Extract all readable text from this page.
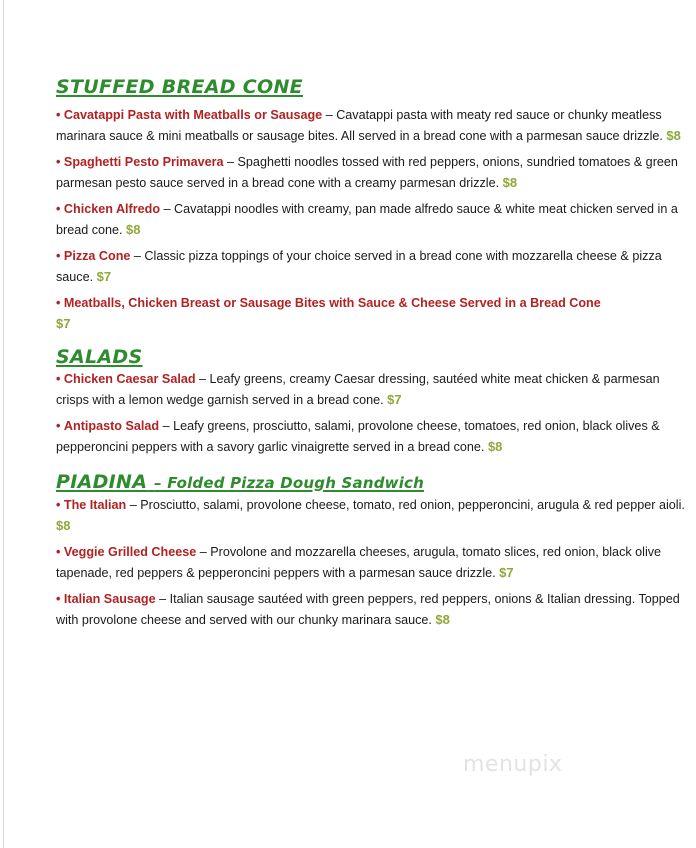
STUFFED BREAD CONE

• Cavatappi Pasta with Meatballs or Sausage – Cavatappi pasta with meaty red sauce or chunky meatless marinara sauce & mini meatballs or sausage bites. All served in a bread cone with a parmesan sauce drizzle. $8

• Spaghetti Pesto Primavera – Spaghetti noodles tossed with red peppers, onions, sundried tomatoes & green parmesan pesto sauce served in a bread cone with a creamy parmesan drizzle. $8

• Chicken Alfredo – Cavatappi noodles with creamy, pan made alfredo sauce & white meat chicken served in a bread cone. $8

• Pizza Cone – Classic pizza toppings of your choice served in a bread cone with mozzarella cheese & pizza sauce. $7

• Meatballs, Chicken Breast or Sausage Bites with Sauce & Cheese Served in a Bread Cone
$7

SALADS

• Chicken Caesar Salad – Leafy greens, creamy Caesar dressing, sautéed white meat chicken & parmesan crisps with a lemon wedge garnish served in a bread cone. $7

• Antipasto Salad – Leafy greens, prosciutto, salami, provolone cheese, tomatoes, red onion, black olives & pepperoncini peppers with a savory garlic vinaigrette served in a bread cone. $8

PIADINA – Folded Pizza Dough Sandwich

• The Italian – Prosciutto, salami, provolone cheese, tomato, red onion, pepperoncini, arugula & red pepper aioli. $8

• Veggie Grilled Cheese – Provolone and mozzarella cheeses, arugula, tomato slices, red onion, black olive tapenade, red peppers & pepperoncini peppers with a parmesan sauce drizzle. $7

• Italian Sausage – Italian sausage sautéed with green peppers, red peppers, onions & Italian dressing. Topped with provolone cheese and served with our chunky marinara sauce. $8

menupix
